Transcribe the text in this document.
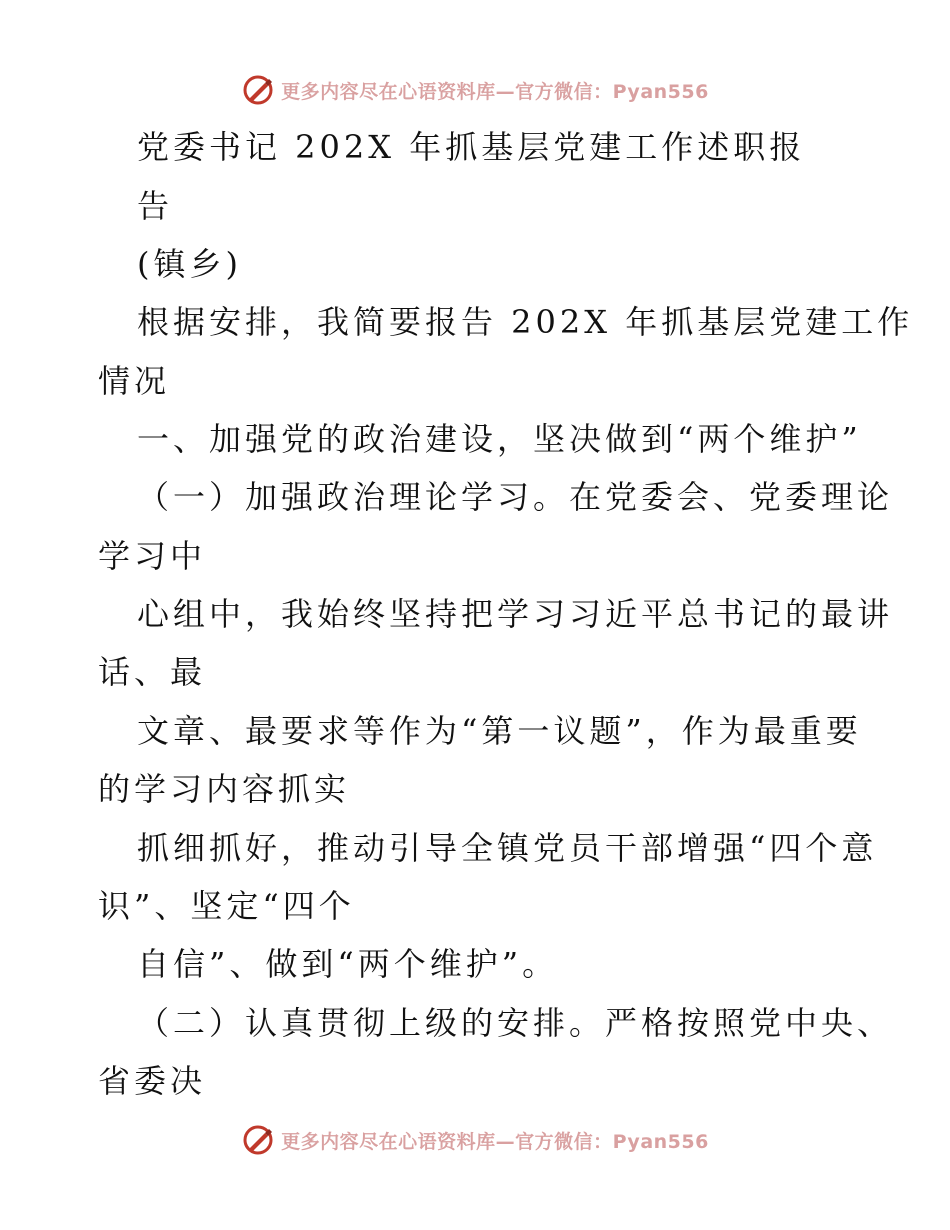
更多内容尽在心语资料库—官方微信：Pyan556
党委书记 202X 年抓基层党建工作述职报
告
(镇乡)
根据安排，我简要报告 202X 年抓基层党建工作
情况
一、加强党的政治建设，坚决做到“两个维护”
（一）加强政治理论学习。在党委会、党委理论
学习中
心组中，我始终坚持把学习习近平总书记的最讲
话、最
文章、最要求等作为“第一议题”，作为最重要
的学习内容抓实
抓细抓好，推动引导全镇党员干部增强“四个意
识”、坚定“四个
自信”、做到“两个维护”。
（二）认真贯彻上级的安排。严格按照党中央、
省委决
更多内容尽在心语资料库—官方微信：Pyan556
